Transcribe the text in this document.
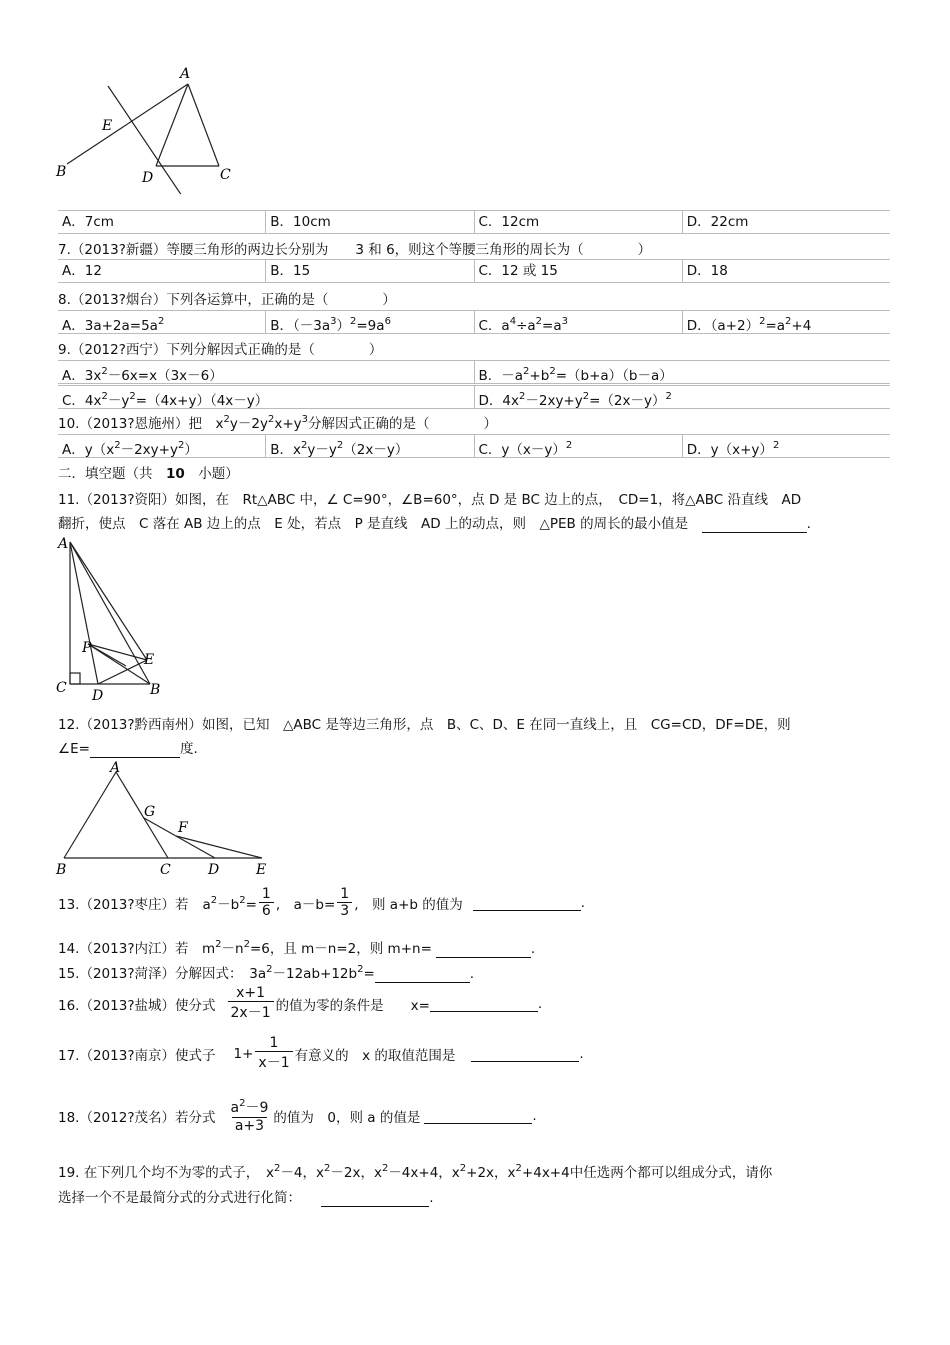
A
E
B	D	C
A．7cm	B．10cm	C．12cm	D．22cm
7.（2013?新疆）等腰三角形的两边长分别为　　3 和 6，则这个等腰三角形的周长为（　　　　）
A．12	B．15	C．12 或 15	D．18
8.（2013?烟台）下列各运算中，正确的是（　　　　）
A．$3a+2a=5a^2$	B．$(-3a^3)^2=9a^6$	C．$a^4\div a^2=a^3$	D．$(a+2)^2=a^2+4$
9.（2012?西宁）下列分解因式正确的是（　　　　）
A．$3x^2-6x=x(3x-6)$	B．$-a^2+b^2=(b+a)(b-a)$
C．$4x^2-y^2=(4x+y)(4x-y)$	D．$4x^2-2xy+y^2=(2x-y)^2$
10.（2013?恩施州）把　$x^2y-2y^2x+y^3$分解因式正确的是（　　　　）
A．$y(x^2-2xy+y^2)$	B．$x^2y-y^2(2x-y)$	C．$y(x-y)^2$	D．$y(x+y)^2$
二．填空题（共　 10　 小题）
11.（2013?资阳）如图，在　Rt△ABC 中，∠ C=90°，∠B=60°，点 D 是 BC 边上的点，　CD=1，将△ABC 沿直线　AD
翻折，使点　C 落在 AB 边上的点　E 处，若点　P 是直线　AD 上的动点，则　△PEB 的周长的最小值是　	.
A
P
E
C D	B
12.（2013?黔西南州）如图，已知　△ABC 是等边三角形，点　B、C、D、E 在同一直线上，且　CG=CD，DF=DE，则
∠E=	度.
A
G
F
B	C	D	E
13.（2013?枣庄）若 $a^2-b^2= \frac{1}{6}$ ,　$a-b= \frac{1}{3}$ ,　 则 a+b 的值为
	.
14.（2013?内江）若　$m^2-n^2=6$，且 m－n=2，则 m+n=	.
15.（2013?菏泽）分解因式：　$3a^2-12ab+12b^2=$	.
16.（2013?盐城）使分式 $\frac{x+1}{2x-1}$ 的值为零的条件是　　x=
	.
17.（2013?南京）使式子 $1+ \frac{1}{x-1}$ 有意义的　x 的取值范围是
	.
18.（2012?茂名）若分式 $\frac{a^2-9}{a+3}$ 的值为　0，则 a 的值是
	.
19. 在下列几个均不为零的式子，　$x^2-4$，$x^2-2x$，$x^2-4x+4$，$x^2+2x$，$x^2+4x+4$中任选两个都可以组成分式，请你
选择一个不是最简分式的分式进行化简：　　	.
